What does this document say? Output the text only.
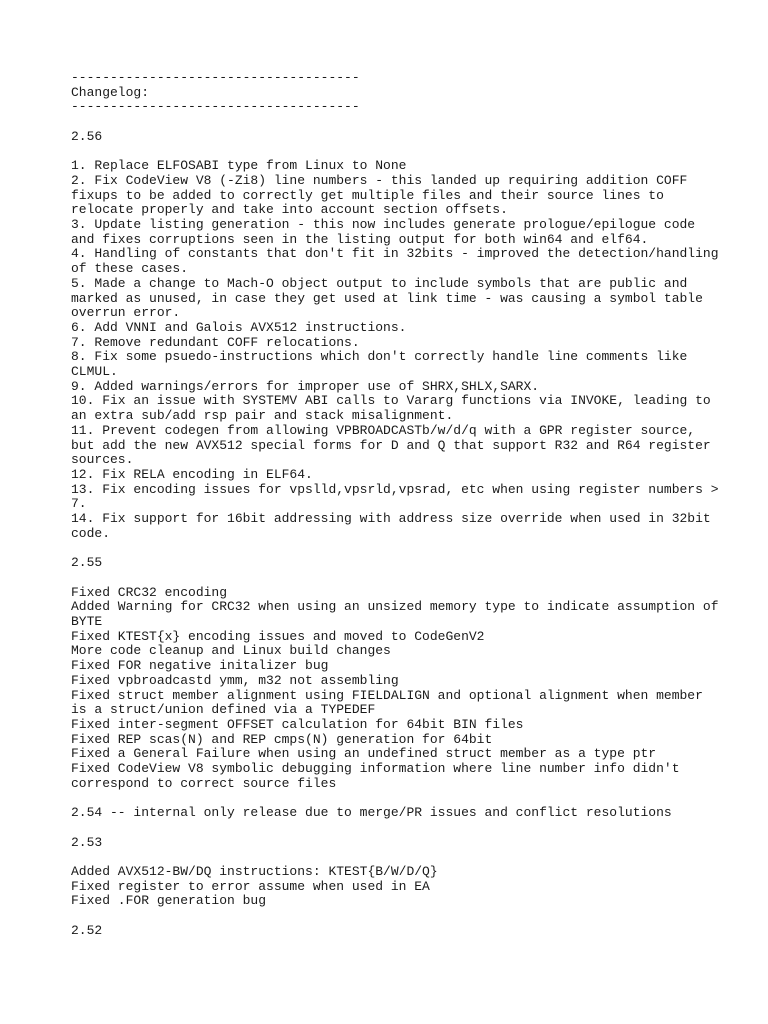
-------------------------------------
Changelog:
-------------------------------------

2.56

1. Replace ELFOSABI type from Linux to None
2. Fix CodeView V8 (-Zi8) line numbers - this landed up requiring addition COFF
fixups to be added to correctly get multiple files and their source lines to
relocate properly and take into account section offsets.
3. Update listing generation - this now includes generate prologue/epilogue code
and fixes corruptions seen in the listing output for both win64 and elf64.
4. Handling of constants that don't fit in 32bits - improved the detection/handling
of these cases.
5. Made a change to Mach-O object output to include symbols that are public and
marked as unused, in case they get used at link time - was causing a symbol table
overrun error.
6. Add VNNI and Galois AVX512 instructions.
7. Remove redundant COFF relocations.
8. Fix some psuedo-instructions which don't correctly handle line comments like
CLMUL.
9. Added warnings/errors for improper use of SHRX,SHLX,SARX.
10. Fix an issue with SYSTEMV ABI calls to Vararg functions via INVOKE, leading to
an extra sub/add rsp pair and stack misalignment.
11. Prevent codegen from allowing VPBROADCASTb/w/d/q with a GPR register source,
but add the new AVX512 special forms for D and Q that support R32 and R64 register
sources.
12. Fix RELA encoding in ELF64.
13. Fix encoding issues for vpslld,vpsrld,vpsrad, etc when using register numbers >
7.
14. Fix support for 16bit addressing with address size override when used in 32bit
code.

2.55

Fixed CRC32 encoding
Added Warning for CRC32 when using an unsized memory type to indicate assumption of
BYTE
Fixed KTEST{x} encoding issues and moved to CodeGenV2
More code cleanup and Linux build changes
Fixed FOR negative initalizer bug
Fixed vpbroadcastd ymm, m32 not assembling
Fixed struct member alignment using FIELDALIGN and optional alignment when member
is a struct/union defined via a TYPEDEF
Fixed inter-segment OFFSET calculation for 64bit BIN files
Fixed REP scas(N) and REP cmps(N) generation for 64bit
Fixed a General Failure when using an undefined struct member as a type ptr
Fixed CodeView V8 symbolic debugging information where line number info didn't
correspond to correct source files

2.54 -- internal only release due to merge/PR issues and conflict resolutions

2.53

Added AVX512-BW/DQ instructions: KTEST{B/W/D/Q}
Fixed register to error assume when used in EA
Fixed .FOR generation bug

2.52
